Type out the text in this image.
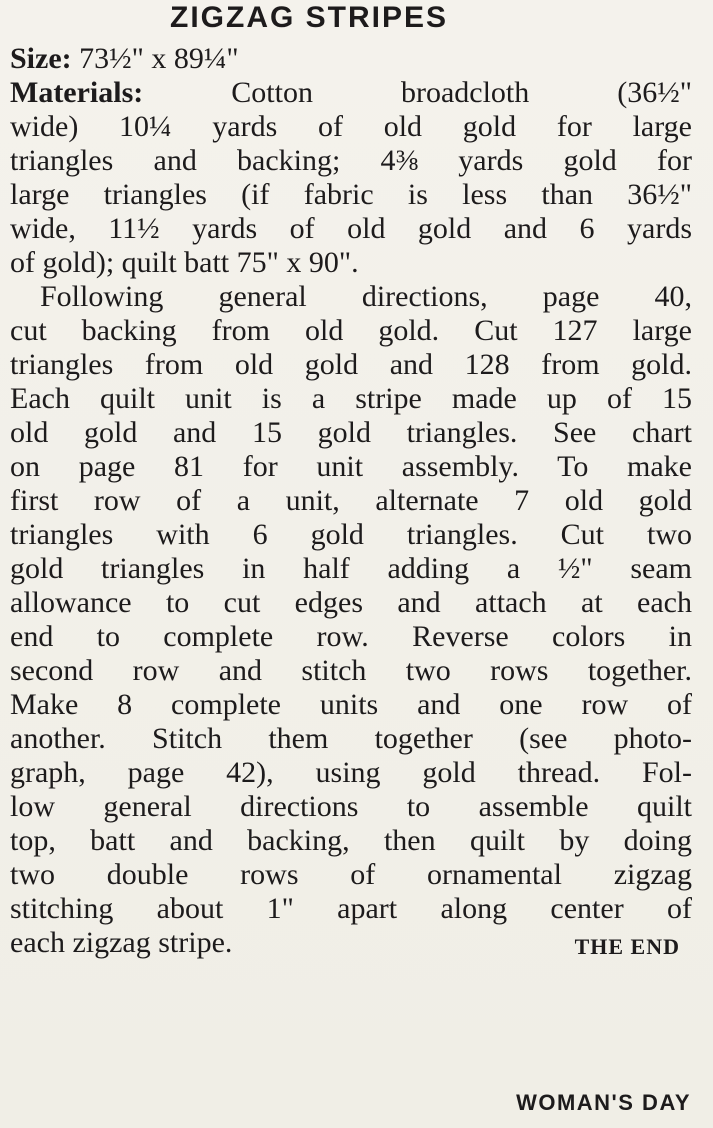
ZIGZAG STRIPES
Size: 73½" x 89¼"
Materials:	Cotton broadcloth (36½"
wide) 10¼ yards of old gold for large
triangles and backing; 4⅜ yards gold for
large triangles (if fabric is less than 36½"
wide, 11½ yards of old gold and 6 yards
of gold); quilt batt 75" x 90".
Following general directions, page 40,
cut backing from old gold. Cut 127 large
triangles from old gold and 128 from gold.
Each quilt unit is a stripe made up of 15
old gold and 15 gold triangles. See chart
on page 81 for unit assembly. To make
first row of a unit, alternate 7 old gold
triangles with 6 gold triangles. Cut two
gold triangles in half adding a ½" seam
allowance to cut edges and attach at each
end to complete row. Reverse colors in
second row and stitch two rows together.
Make 8 complete units and one row of
another. Stitch them together (see photo-
graph, page 42), using gold thread. Fol-
low general directions to assemble quilt
top, batt and backing, then quilt by doing
two double rows of ornamental zigzag
stitching about 1" apart along center of
each zigzag stripe.	THE END
WOMAN'S DAY
